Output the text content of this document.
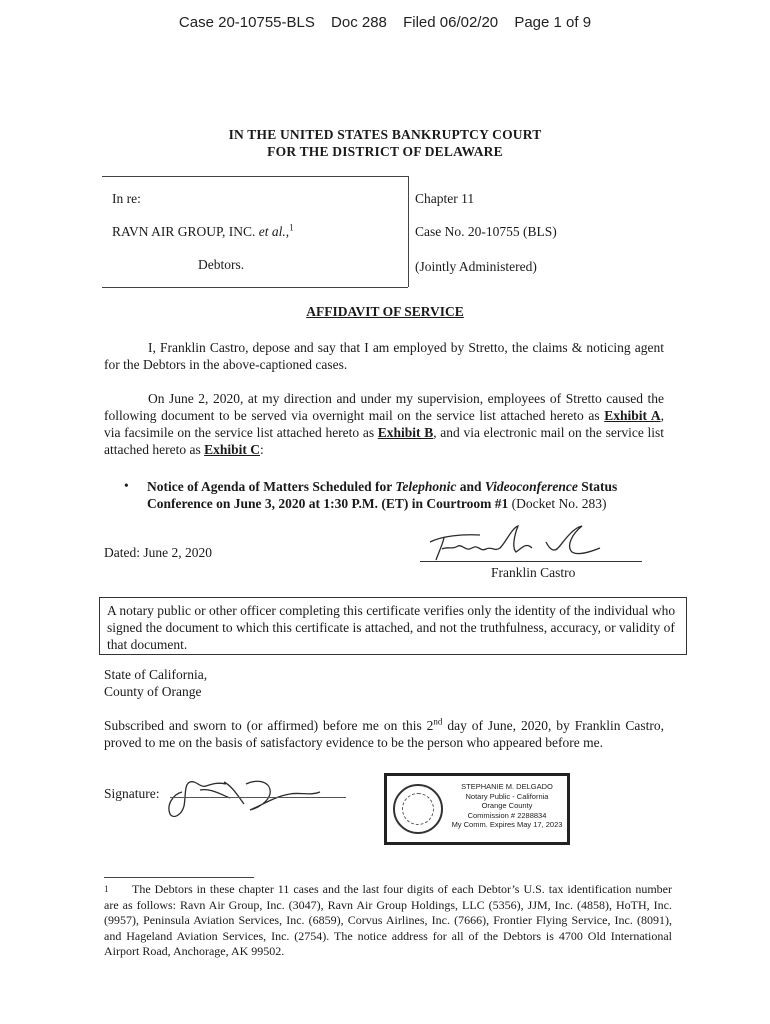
Case 20-10755-BLS Doc 288 Filed 06/02/20 Page 1 of 9
IN THE UNITED STATES BANKRUPTCY COURT
FOR THE DISTRICT OF DELAWARE
In re:
RAVN AIR GROUP, INC. et al.,$^1$
Debtors.
Chapter 11
Case No. 20-10755 (BLS)
(Jointly Administered)
AFFIDAVIT OF SERVICE
I, Franklin Castro, depose and say that I am employed by Stretto, the claims & noticing agent for the Debtors in the above-captioned cases.
On June 2, 2020, at my direction and under my supervision, employees of Stretto caused the following document to be served via overnight mail on the service list attached hereto as Exhibit A, via facsimile on the service list attached hereto as Exhibit B, and via electronic mail on the service list attached hereto as Exhibit C:
• Notice of Agenda of Matters Scheduled for Telephonic and Videoconference Status Conference on June 3, 2020 at 1:30 P.M. (ET) in Courtroom #1 (Docket No. 283)
Dated: June 2, 2020
Franklin Castro
A notary public or other officer completing this certificate verifies only the identity of the individual who signed the document to which this certificate is attached, and not the truthfulness, accuracy, or validity of that document.
State of California,
County of Orange
Subscribed and sworn to (or affirmed) before me on this 2nd day of June, 2020, by Franklin Castro, proved to me on the basis of satisfactory evidence to be the person who appeared before me.
Signature:	STEPHANIE M. DELGADO
Notary Public - California
Orange County
Commission # 2288834
My Comm. Expires May 17, 2023
1 The Debtors in these chapter 11 cases and the last four digits of each Debtor’s U.S. tax identification number are as follows: Ravn Air Group, Inc. (3047), Ravn Air Group Holdings, LLC (5356), JJM, Inc. (4858), HoTH, Inc. (9957), Peninsula Aviation Services, Inc. (6859), Corvus Airlines, Inc. (7666), Frontier Flying Service, Inc. (8091), and Hageland Aviation Services, Inc. (2754). The notice address for all of the Debtors is 4700 Old International Airport Road, Anchorage, AK 99502.
